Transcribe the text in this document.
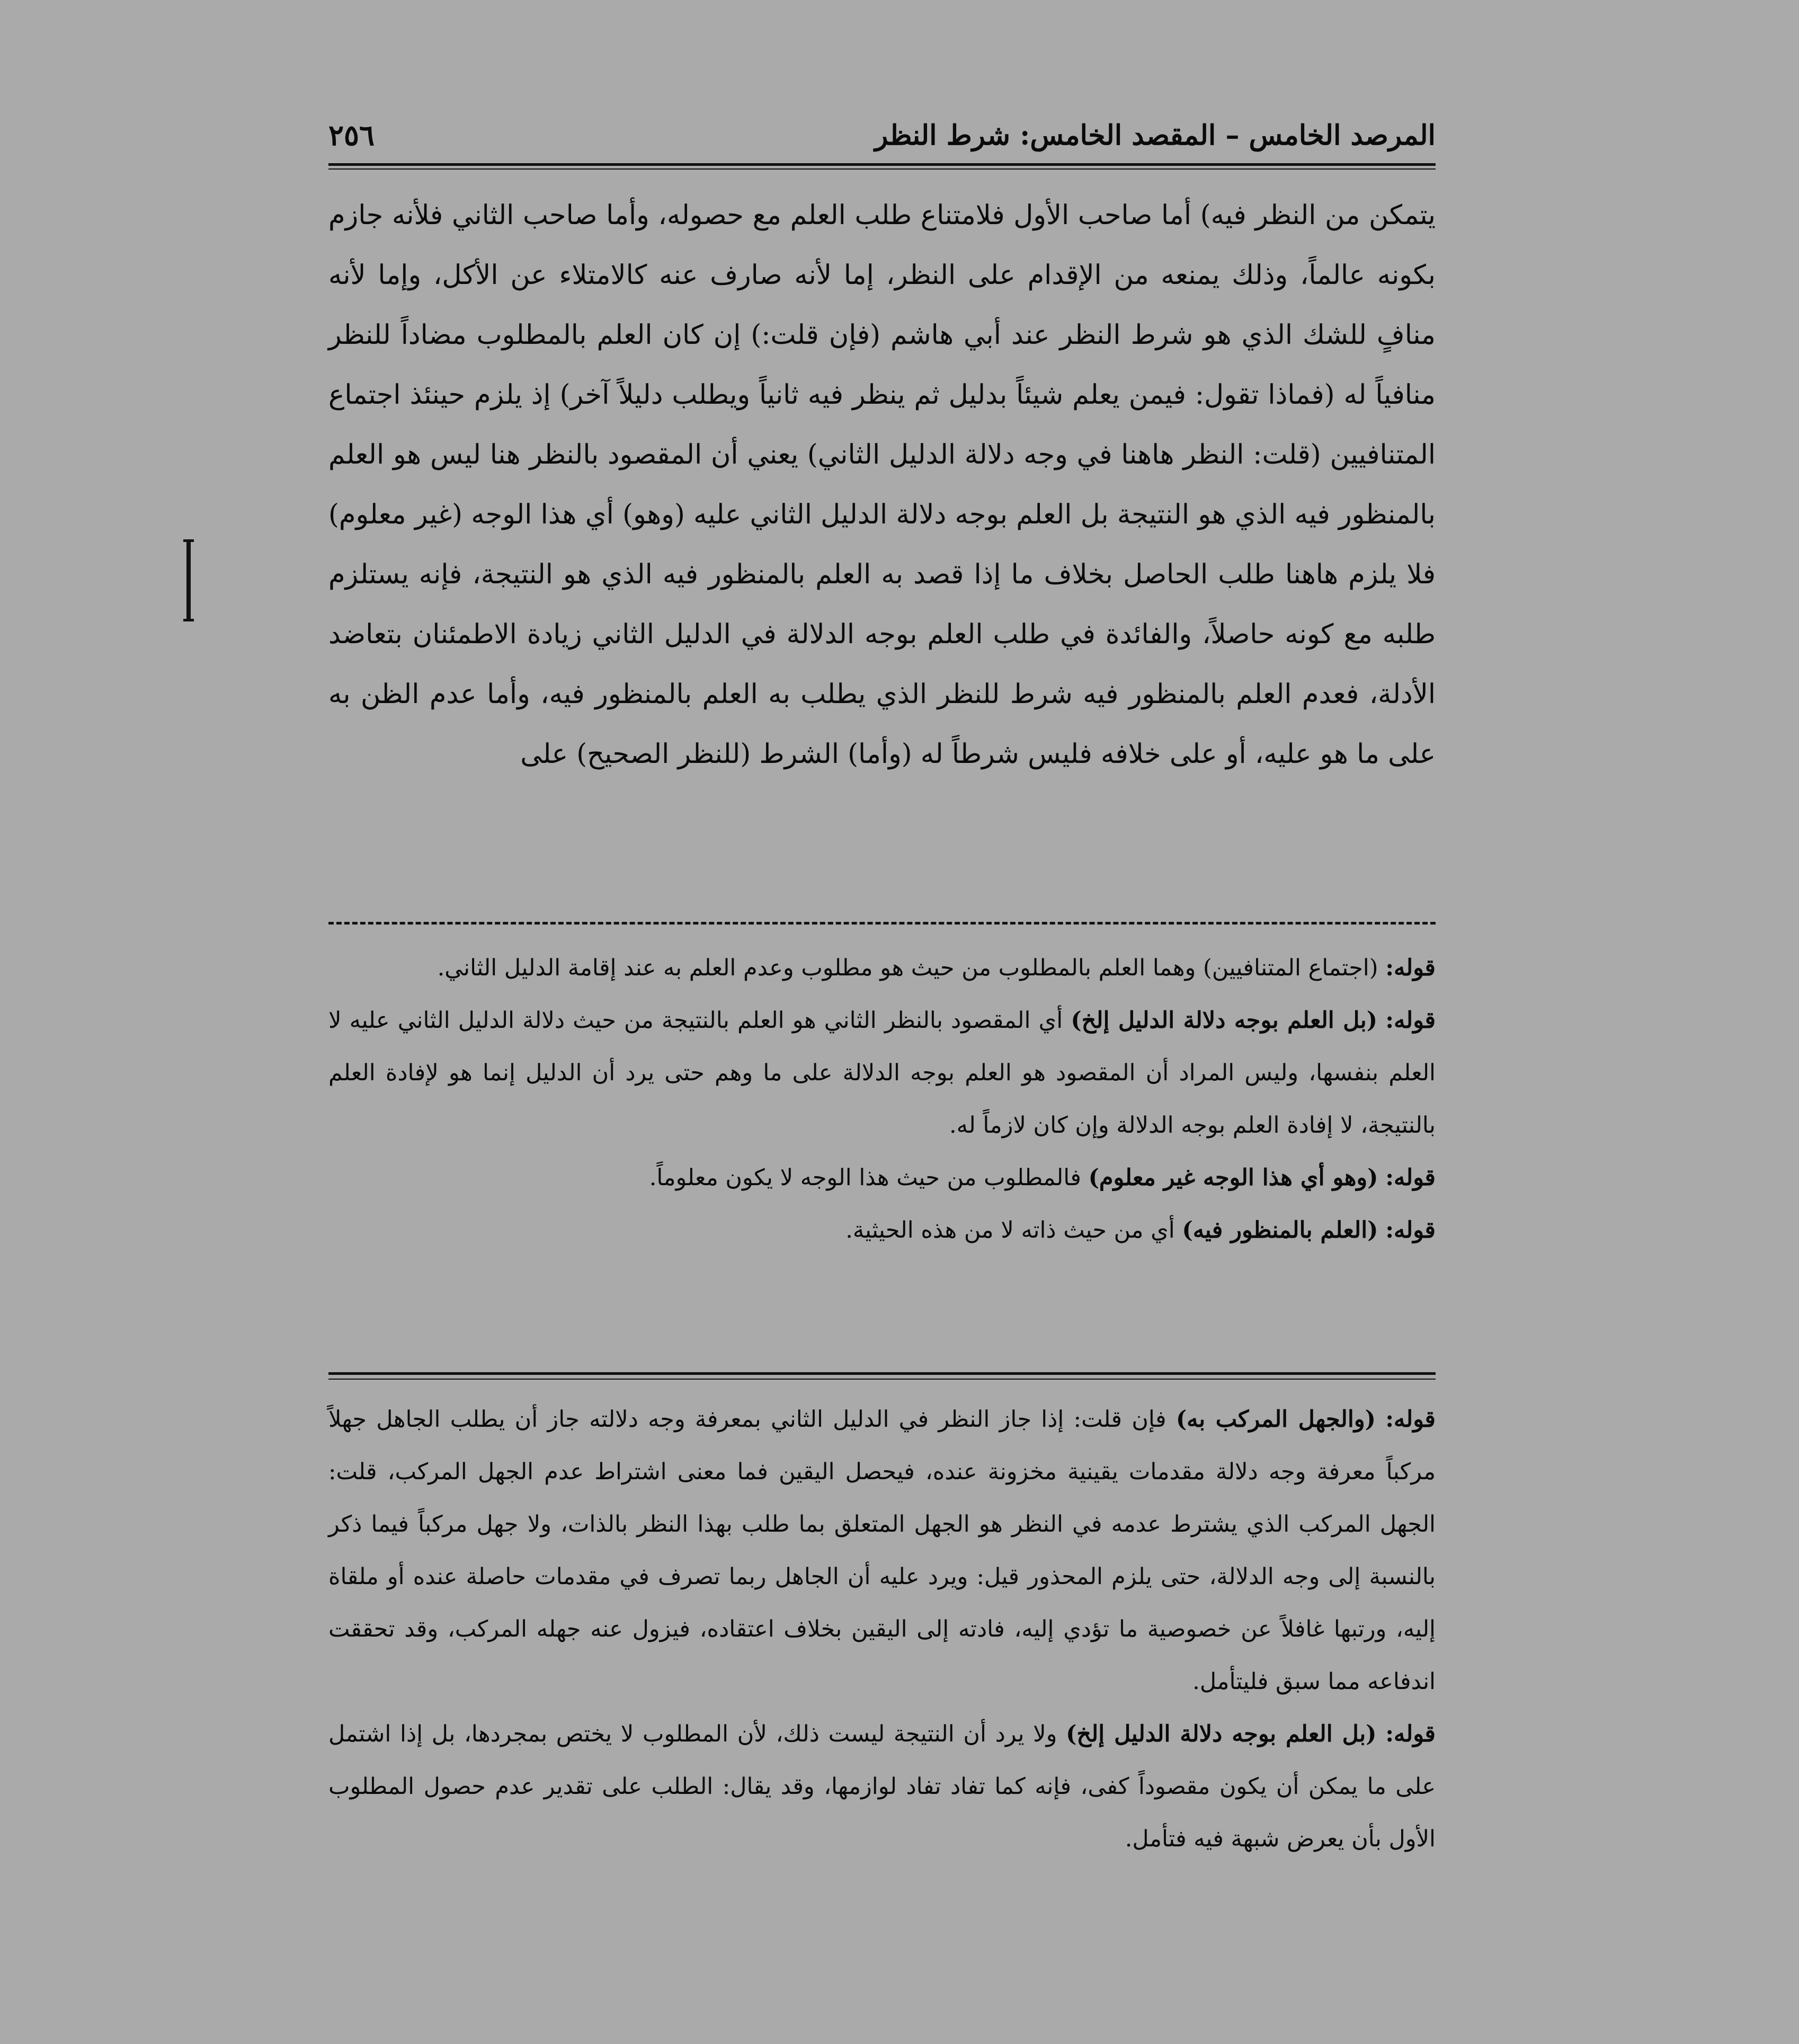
المرصد الخامس – المقصد الخامس: شرط النظر
٢٥٦
يتمكن من النظر فيه) أما صاحب الأول فلامتناع طلب العلم مع حصوله، وأما صاحب الثاني فلأنه جازم بكونه عالماً، وذلك يمنعه من الإقدام على النظر، إما لأنه صارف عنه كالامتلاء عن الأكل، وإما لأنه منافٍ للشك الذي هو شرط النظر عند أبي هاشم (فإن قلت:) إن كان العلم بالمطلوب مضاداً للنظر منافياً له (فماذا تقول: فيمن يعلم شيئاً بدليل ثم ينظر فيه ثانياً ويطلب دليلاً آخر) إذ يلزم حينئذ اجتماع المتنافيين (قلت: النظر هاهنا في وجه دلالة الدليل الثاني) يعني أن المقصود بالنظر هنا ليس هو العلم بالمنظور فيه الذي هو النتيجة بل العلم بوجه دلالة الدليل الثاني عليه (وهو) أي هذا الوجه (غير معلوم) فلا يلزم هاهنا طلب الحاصل بخلاف ما إذا قصد به العلم بالمنظور فيه الذي هو النتيجة، فإنه يستلزم طلبه مع كونه حاصلاً، والفائدة في طلب العلم بوجه الدلالة في الدليل الثاني زيادة الاطمئنان بتعاضد الأدلة، فعدم العلم بالمنظور فيه شرط للنظر الذي يطلب به العلم بالمنظور فيه، وأما عدم الظن به على ما هو عليه، أو على خلافه فليس شرطاً له (وأما) الشرط (للنظر الصحيح) على

قوله: (اجتماع المتنافيين) وهما العلم بالمطلوب من حيث هو مطلوب وعدم العلم به عند إقامة الدليل الثاني.

قوله: (بل العلم بوجه دلالة الدليل إلخ) أي المقصود بالنظر الثاني هو العلم بالنتيجة من حيث دلالة الدليل الثاني عليه لا العلم بنفسها، وليس المراد أن المقصود هو العلم بوجه الدلالة على ما وهم حتى يرد أن الدليل إنما هو لإفادة العلم بالنتيجة، لا إفادة العلم بوجه الدلالة وإن كان لازماً له.

قوله: (وهو أي هذا الوجه غير معلوم) فالمطلوب من حيث هذا الوجه لا يكون معلوماً.

قوله: (العلم بالمنظور فيه) أي من حيث ذاته لا من هذه الحيثية.

قوله: (والجهل المركب به) فإن قلت: إذا جاز النظر في الدليل الثاني بمعرفة وجه دلالته جاز أن يطلب الجاهل جهلاً مركباً معرفة وجه دلالة مقدمات يقينية مخزونة عنده، فيحصل اليقين فما معنى اشتراط عدم الجهل المركب، قلت: الجهل المركب الذي يشترط عدمه في النظر هو الجهل المتعلق بما طلب بهذا النظر بالذات، ولا جهل مركباً فيما ذكر بالنسبة إلى وجه الدلالة، حتى يلزم المحذور قيل: ويرد عليه أن الجاهل ربما تصرف في مقدمات حاصلة عنده أو ملقاة إليه، ورتبها غافلاً عن خصوصية ما تؤدي إليه، فادته إلى اليقين بخلاف اعتقاده، فيزول عنه جهله المركب، وقد تحققت اندفاعه مما سبق فليتأمل.

قوله: (بل العلم بوجه دلالة الدليل إلخ) ولا يرد أن النتيجة ليست ذلك، لأن المطلوب لا يختص بمجردها، بل إذا اشتمل على ما يمكن أن يكون مقصوداً كفى، فإنه كما تفاد تفاد لوازمها، وقد يقال: الطلب على تقدير عدم حصول المطلوب الأول بأن يعرض شبهة فيه فتأمل.
